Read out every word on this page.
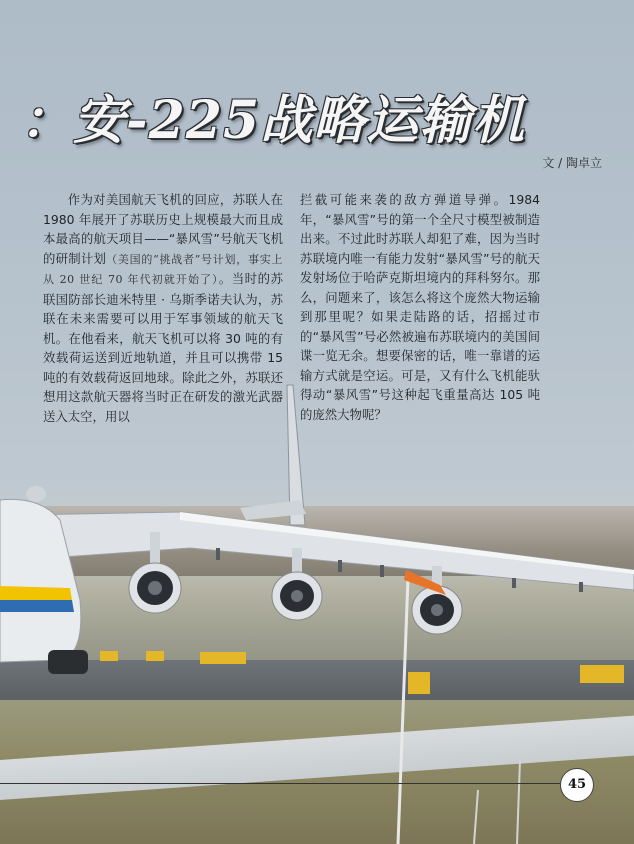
：安-225战略运输机
文 / 陶卓立

作为对美国航天飞机的回应，苏联人在 1980 年展开了苏联历史上规模最大而且成本最高的航天项目——“暴风雪”号航天飞机的研制计划（美国的“挑战者”号计划，事实上从 20 世纪 70 年代初就开始了）。当时的苏联国防部长迪米特里 · 乌斯季诺夫认为，苏联在未来需要可以用于军事领域的航天飞机。在他看来，航天飞机可以将 30 吨的有效载荷运送到近地轨道，并且可以携带 15 吨的有效载荷返回地球。除此之外，苏联还想用这款航天器将当时正在研发的激光武器送入太空，用以

拦截可能来袭的敌方弹道导弹。1984 年，“暴风雪”号的第一个全尺寸模型被制造出来。不过此时苏联人却犯了难，因为当时苏联境内唯一有能力发射“暴风雪”号的航天发射场位于哈萨克斯坦境内的拜科努尔。那么，问题来了，该怎么将这个庞然大物运输到那里呢？如果走陆路的话，招摇过市的“暴风雪”号必然被遍布苏联境内的美国间谍一览无余。想要保密的话，唯一靠谱的运输方式就是空运。可是，又有什么飞机能驮得动“暴风雪”号这种起飞重量高达 105 吨的庞然大物呢？

45
